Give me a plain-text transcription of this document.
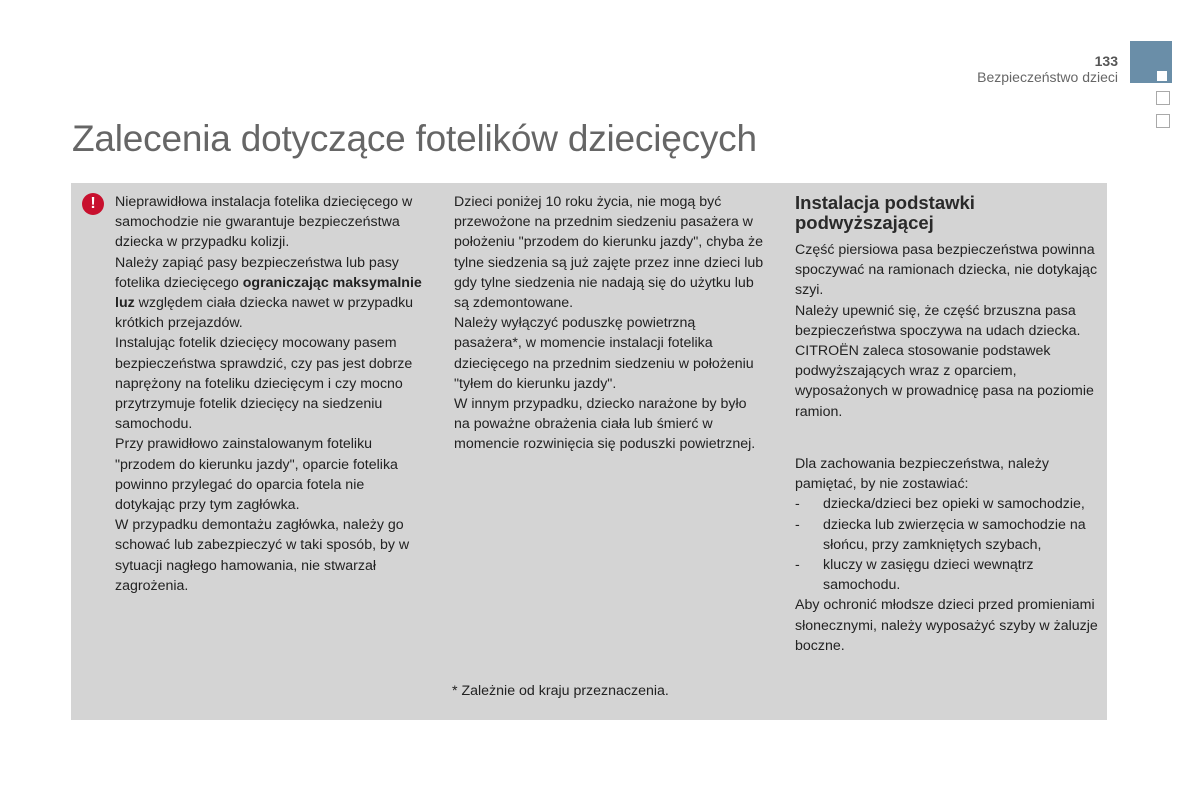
133
Bezpieczeństwo dzieci
Zalecenia dotyczące fotelików dziecięcych
!	Nieprawidłowa instalacja fotelika dziecięcego w samochodzie nie gwarantuje bezpieczeństwa dziecka w przypadku kolizji.

Należy zapiąć pasy bezpieczeństwa lub pasy fotelika dziecięcego ograniczając maksymalnie luz względem ciała dziecka nawet w przypadku krótkich przejazdów.

Instalując fotelik dziecięcy mocowany pasem bezpieczeństwa sprawdzić, czy pas jest dobrze naprężony na foteliku dziecięcym i czy mocno przytrzymuje fotelik dziecięcy na siedzeniu samochodu.

Przy prawidłowo zainstalowanym foteliku "przodem do kierunku jazdy", oparcie fotelika powinno przylegać do oparcia fotela nie dotykając przy tym zagłówka.

W przypadku demontażu zagłówka, należy go schować lub zabezpieczyć w taki sposób, by w sytuacji nagłego hamowania, nie stwarzał zagrożenia.

Dzieci poniżej 10 roku życia, nie mogą być przewożone na przednim siedzeniu pasażera w położeniu "przodem do kierunku jazdy", chyba że tylne siedzenia są już zajęte przez inne dzieci lub gdy tylne siedzenia nie nadają się do użytku lub są zdemontowane.

Należy wyłączyć poduszkę powietrzną pasażera*, w momencie instalacji fotelika dziecięcego na przednim siedzeniu w położeniu "tyłem do kierunku jazdy".

W innym przypadku, dziecko narażone by było na poważne obrażenia ciała lub śmierć w momencie rozwinięcia się poduszki powietrznej.

Instalacja podstawki podwyższającej

Część piersiowa pasa bezpieczeństwa powinna spoczywać na ramionach dziecka, nie dotykając szyi.

Należy upewnić się, że część brzuszna pasa bezpieczeństwa spoczywa na udach dziecka.

CITROËN zaleca stosowanie podstawek podwyższających wraz z oparciem, wyposażonych w prowadnicę pasa na poziomie ramion.

Dla zachowania bezpieczeństwa, należy pamiętać, by nie zostawiać:

- dziecka/dzieci bez opieki w samochodzie,
- dziecka lub zwierzęcia w samochodzie na słońcu, przy zamkniętych szybach,
- kluczy w zasięgu dzieci wewnątrz samochodu.

Aby ochronić młodsze dzieci przed promieniami słonecznymi, należy wyposażyć szyby w żaluzje boczne.

* Zależnie od kraju przeznaczenia.
